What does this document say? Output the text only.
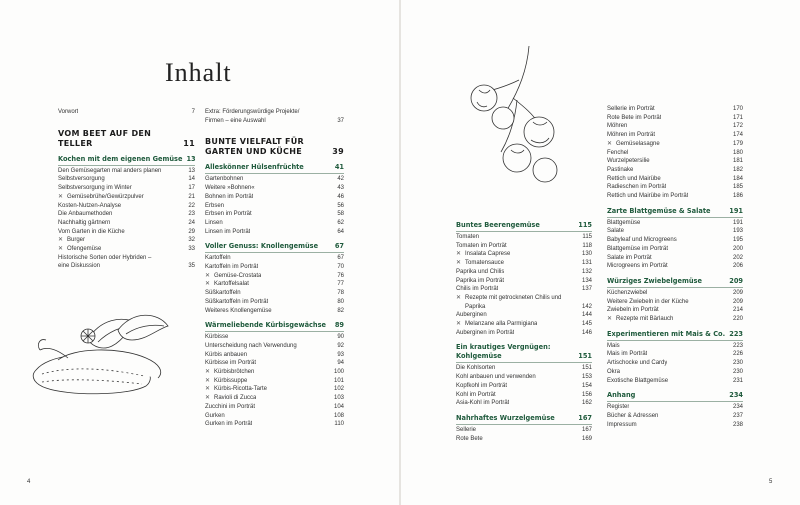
Inhalt
Vorwort	7
VOM BEET AUF DEN TELLER	11
Kochen mit dem eigenen Gemüse 13
Den Gemüsegarten mal anders planen	13
Selbstversorgung	14
Selbstversorgung im Winter	17
✕ Gemüsebrühe/Gewürzpulver	21
Kosten-Nutzen-Analyse	22
Die Anbaumethoden	23
Nachhaltig gärtnern	24
Vom Garten in die Küche	29
✕ Burger	32
✕ Ofengemüse	33
Historische Sorten oder Hybriden – eine Diskussion	35
Extra: Förderungswürdige Projekte/ Firmen – eine Auswahl	37
BUNTE VIELFALT FÜR GARTEN UND KÜCHE	39
Alleskönner Hülsenfrüchte	41
Gartenbohnen	42
Weitere »Bohnen«	43
Bohnen im Porträt	46
Erbsen	56
Erbsen im Porträt	58
Linsen	62
Linsen im Porträt	64
Voller Genuss: Knollengemüse	67
Kartoffeln	67
Kartoffeln im Porträt	70
✕ Gemüse-Crostata	76
✕ Kartoffelsalat	77
Süßkartoffeln	78
Süßkartoffeln im Porträt	80
Weiteres Knollengemüse	82
Wärmeliebende Kürbisgewächse 89
Kürbisse	90
Unterscheidung nach Verwendung	92
Kürbis anbauen	93
Kürbisse im Porträt	94
✕ Kürbisbrötchen	100
✕ Kürbissuppe	101
✕ Kürbis-Ricotta-Tarte	102
✕ Ravioli di Zucca	103
Zucchini im Porträt	104
Gurken	108
Gurken im Porträt	110
4
Buntes Beerengemüse	115
Tomaten	115
Tomaten im Porträt	118
✕ Insalata Caprese	130
✕ Tomatensauce	131
Paprika und Chilis	132
Paprika im Porträt	134
Chilis im Porträt	137
✕ Rezepte mit getrockneten Chilis und Paprika	142
Auberginen	144
✕ Melanzane alla Parmigiana	145
Auberginen im Porträt	146
Ein krautiges Vergnügen: Kohlgemüse	151
Die Kohlsorten	151
Kohl anbauen und verwenden	153
Kopfkohl im Porträt	154
Kohl im Porträt	156
Asia-Kohl im Porträt	162
Nahrhaftes Wurzelgemüse	167
Sellerie	167
Rote Bete	169
Sellerie im Porträt	170
Rote Bete im Porträt	171
Möhren	172
Möhren im Porträt	174
✕ Gemüselasagne	179
Fenchel	180
Wurzelpetersilie	181
Pastinake	182
Rettich und Mairübe	184
Radieschen im Porträt	185
Rettich und Mairübe im Porträt	186
Zarte Blattgemüse & Salate	191
Blattgemüse	191
Salate	193
Babyleaf und Microgreens	195
Blattgemüse im Porträt	200
Salate im Porträt	202
Microgreens im Porträt	206
Würziges Zwiebelgemüse	209
Küchenzwiebel	209
Weitere Zwiebeln in der Küche	209
Zwiebeln im Porträt	214
✕ Rezepte mit Bärlauch	220
Experimentieren mit Mais & Co. 223
Mais	223
Mais im Porträt	226
Artischocke und Cardy	230
Okra	230
Exotische Blattgemüse	231
Anhang	234
Register	234
Bücher & Adressen	237
Impressum	238
5
